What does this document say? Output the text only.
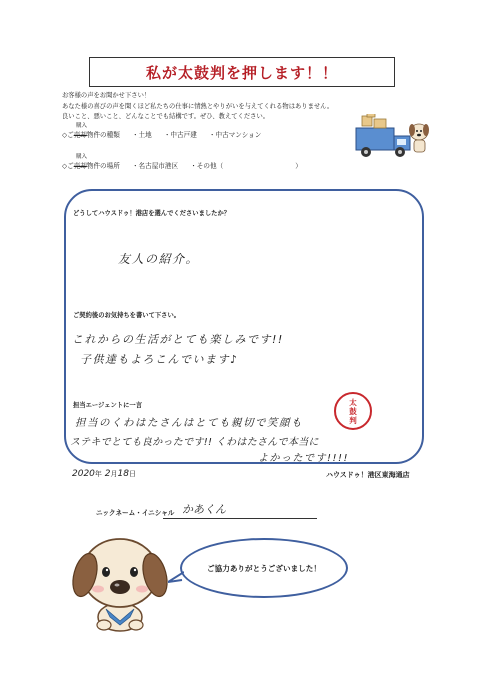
私が太鼓判を押します！！
お客様の声をお聞かせ下さい！
あなた様の喜びの声を聞くほど私たちの仕事に情熱とやりがいを与えてくれる物はありません。
良いこと、悪いこと、どんなことでも結構です。ぜひ、教えてください。
◇ご売却物件の種類
購入
・土地 ・中古戸建 ・中古マンション
◇ご売却物件の場所
購入
・名古屋市港区 ・その他（	）
どうしてハウスドゥ！港店を選んでくださいましたか？
友人の紹介。
ご契約後のお気持ちを書いて下さい。
これからの生活がとても楽しみです!!
子供達もよろこんでいます♪
担当エージェントに一言
担当のくわはたさんはとても親切で笑顔も
ステキでとても良かったです!! くわはたさんで本当に
よかったです!!!!
太
鼓
判
2020年 2月18日	ハウスドゥ！港区東海通店
ニックネーム・イニシャル かあくん
ご協力ありがとうございました！
